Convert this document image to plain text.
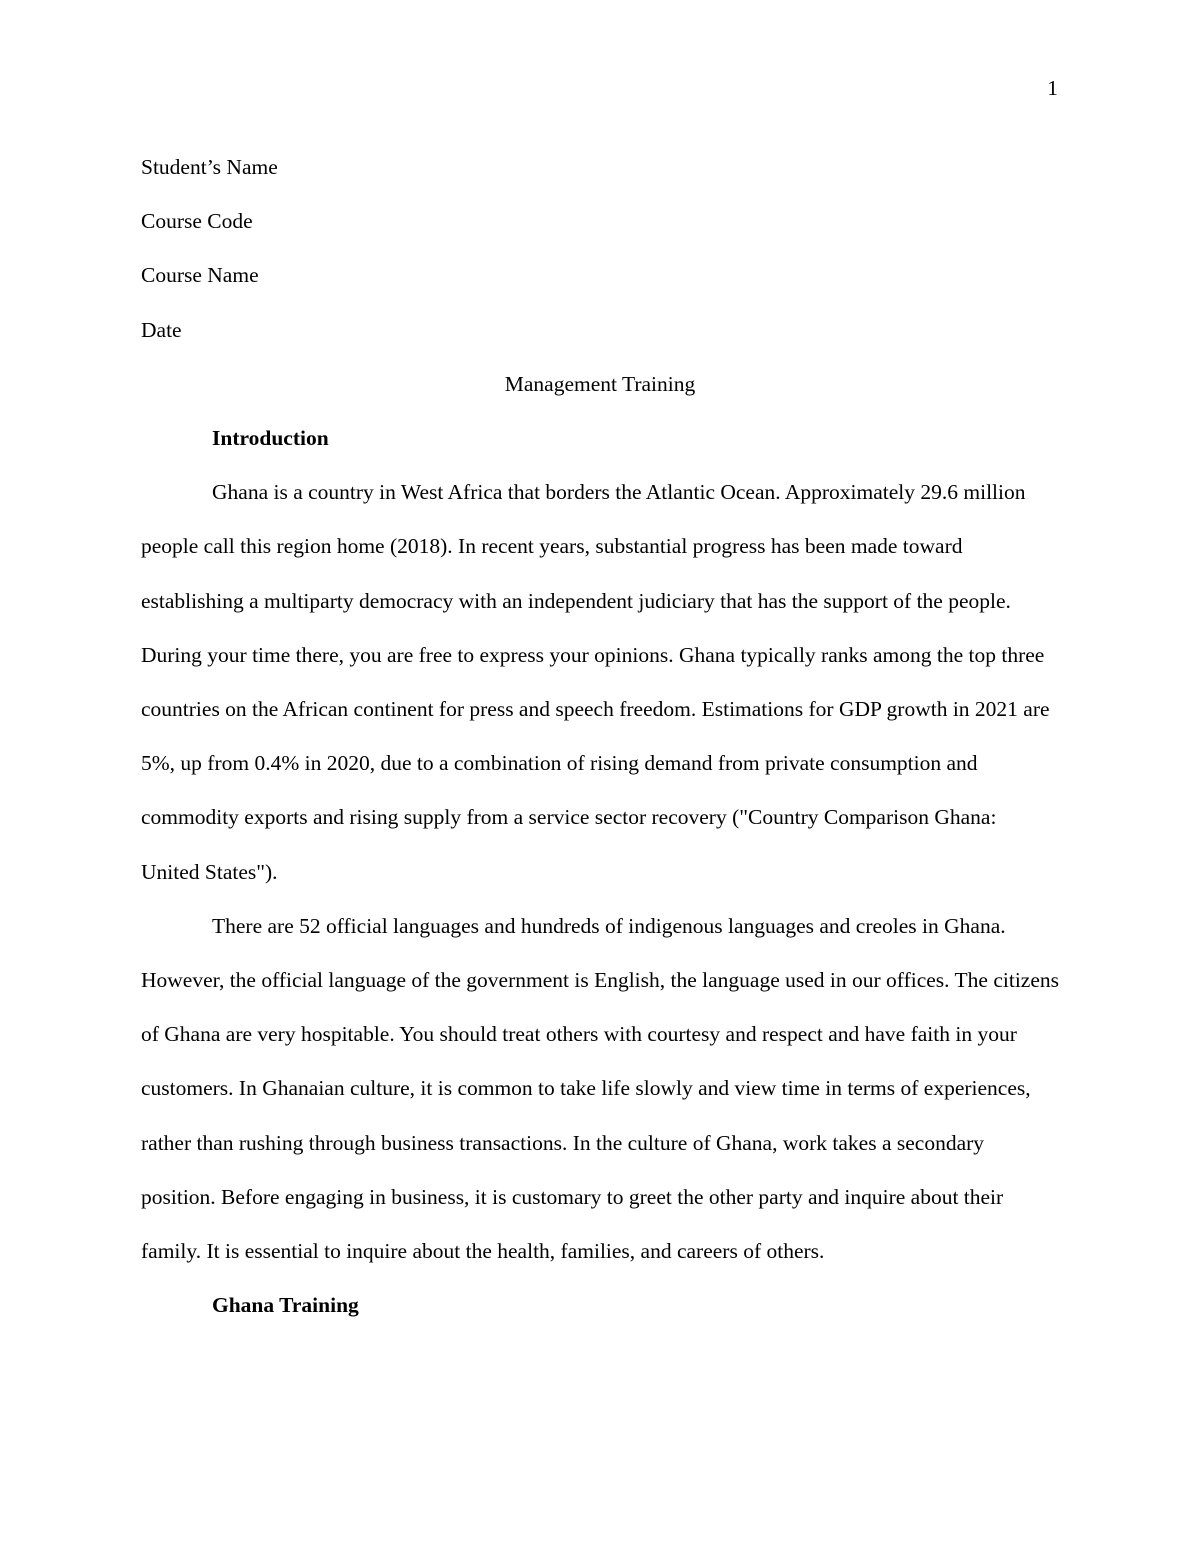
1

Student’s Name

Course Code

Course Name

Date

Management Training

Introduction

Ghana is a country in West Africa that borders the Atlantic Ocean. Approximately 29.6 million people call this region home (2018). In recent years, substantial progress has been made toward establishing a multiparty democracy with an independent judiciary that has the support of the people. During your time there, you are free to express your opinions. Ghana typically ranks among the top three countries on the African continent for press and speech freedom. Estimations for GDP growth in 2021 are 5%, up from 0.4% in 2020, due to a combination of rising demand from private consumption and commodity exports and rising supply from a service sector recovery ("Country Comparison Ghana: United States").

There are 52 official languages and hundreds of indigenous languages and creoles in Ghana. However, the official language of the government is English, the language used in our offices. The citizens of Ghana are very hospitable. You should treat others with courtesy and respect and have faith in your customers. In Ghanaian culture, it is common to take life slowly and view time in terms of experiences, rather than rushing through business transactions. In the culture of Ghana, work takes a secondary position. Before engaging in business, it is customary to greet the other party and inquire about their family. It is essential to inquire about the health, families, and careers of others.

Ghana Training
